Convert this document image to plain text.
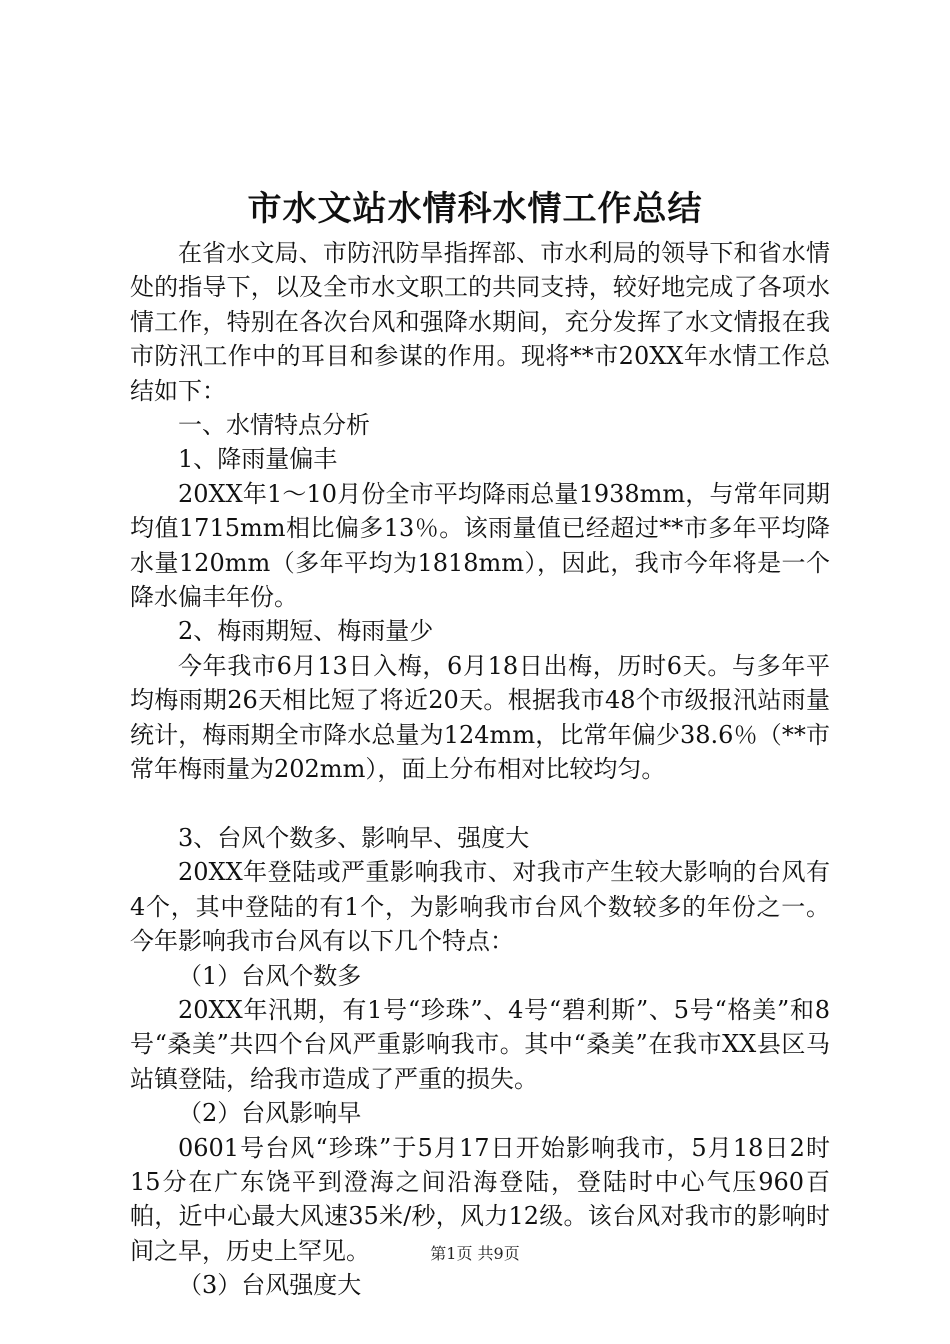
市水文站水情科水情工作总结

在省水文局、市防汛防旱指挥部、市水利局的领导下和省水情处的指导下，以及全市水文职工的共同支持，较好地完成了各项水情工作，特别在各次台风和强降水期间，充分发挥了水文情报在我市防汛工作中的耳目和参谋的作用。现将**市20XX年水情工作总结如下：

一、水情特点分析

1、降雨量偏丰

20XX年1～10月份全市平均降雨总量1938mm，与常年同期均值1715mm相比偏多13％。该雨量值已经超过**市多年平均降水量120mm（多年平均为1818mm），因此，我市今年将是一个降水偏丰年份。

2、梅雨期短、梅雨量少

今年我市6月13日入梅，6月18日出梅，历时6天。与多年平均梅雨期26天相比短了将近20天。根据我市48个市级报汛站雨量统计，梅雨期全市降水总量为124mm，比常年偏少38.6％（**市常年梅雨量为202mm），面上分布相对比较均匀。

3、台风个数多、影响早、强度大

20XX年登陆或严重影响我市、对我市产生较大影响的台风有4个，其中登陆的有1个，为影响我市台风个数较多的年份之一。今年影响我市台风有以下几个特点：

（1）台风个数多

20XX年汛期，有1号“珍珠”、4号“碧利斯”、5号“格美”和8号“桑美”共四个台风严重影响我市。其中“桑美”在我市XX县区马站镇登陆，给我市造成了严重的损失。

（2）台风影响早

0601号台风“珍珠”于5月17日开始影响我市，5月18日2时15分在广东饶平到澄海之间沿海登陆，登陆时中心气压960百帕，近中心最大风速35米/秒，风力12级。该台风对我市的影响时间之早，历史上罕见。

（3）台风强度大

第1页 共9页
